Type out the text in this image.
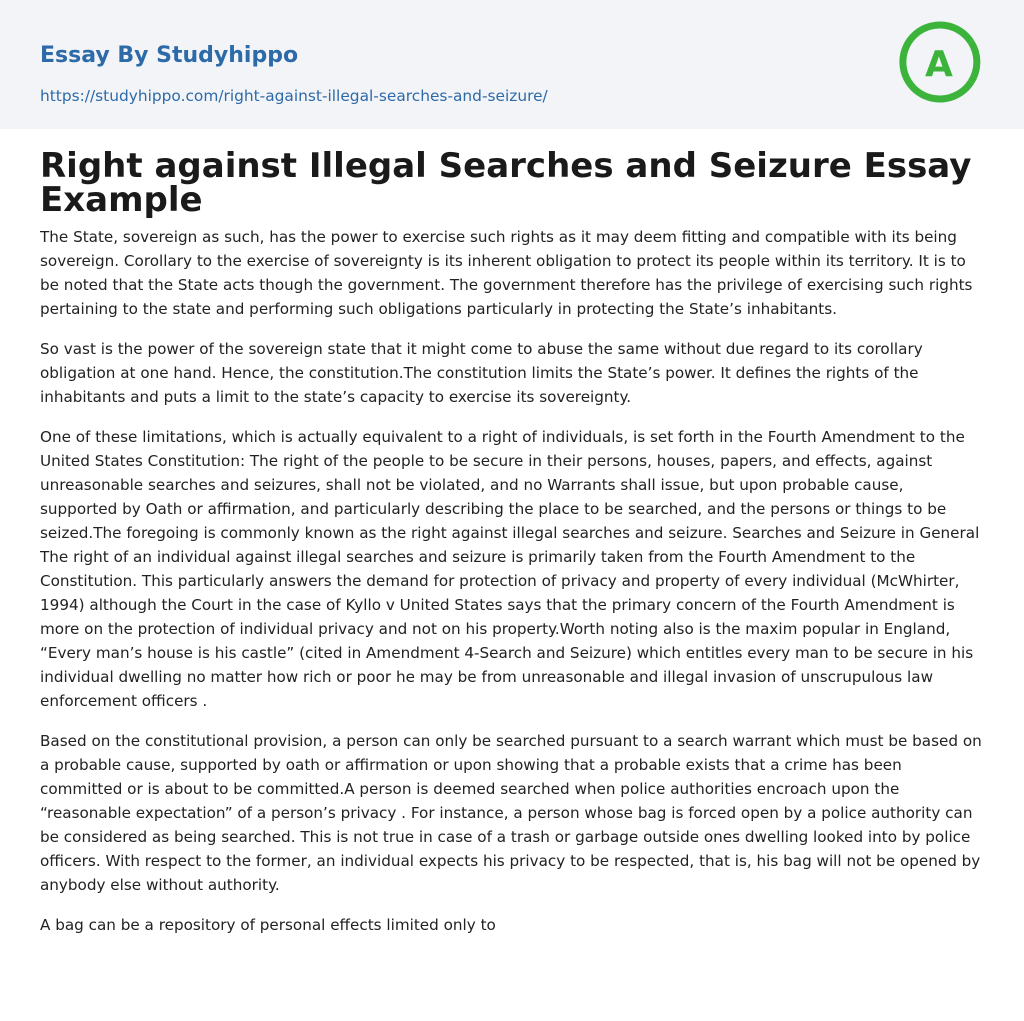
Essay By Studyhippo
https://studyhippo.com/right-against-illegal-searches-and-seizure/
A
Right against Illegal Searches and Seizure Essay Example

The State, sovereign as such, has the power to exercise such rights as it may deem fitting and compatible with its being sovereign. Corollary to the exercise of sovereignty is its inherent obligation to protect its people within its territory. It is to be noted that the State acts though the government. The government therefore has the privilege of exercising such rights pertaining to the state and performing such obligations particularly in protecting the State’s inhabitants.

So vast is the power of the sovereign state that it might come to abuse the same without due regard to its corollary obligation at one hand. Hence, the constitution.The constitution limits the State’s power. It defines the rights of the inhabitants and puts a limit to the state’s capacity to exercise its sovereignty.

One of these limitations, which is actually equivalent to a right of individuals, is set forth in the Fourth Amendment to the United States Constitution: The right of the people to be secure in their persons, houses, papers, and effects, against unreasonable searches and seizures, shall not be violated, and no Warrants shall issue, but upon probable cause, supported by Oath or affirmation, and particularly describing the place to be searched, and the persons or things to be seized.The foregoing is commonly known as the right against illegal searches and seizure. Searches and Seizure in General The right of an individual against illegal searches and seizure is primarily taken from the Fourth Amendment to the Constitution. This particularly answers the demand for protection of privacy and property of every individual (McWhirter, 1994) although the Court in the case of Kyllo v United States says that the primary concern of the Fourth Amendment is more on the protection of individual privacy and not on his property.Worth noting also is the maxim popular in England, “Every man’s house is his castle” (cited in Amendment 4-Search and Seizure) which entitles every man to be secure in his individual dwelling no matter how rich or poor he may be from unreasonable and illegal invasion of unscrupulous law enforcement officers .

Based on the constitutional provision, a person can only be searched pursuant to a search warrant which must be based on a probable cause, supported by oath or affirmation or upon showing that a probable exists that a crime has been committed or is about to be committed.A person is deemed searched when police authorities encroach upon the “reasonable expectation” of a person’s privacy . For instance, a person whose bag is forced open by a police authority can be considered as being searched. This is not true in case of a trash or garbage outside ones dwelling looked into by police officers. With respect to the former, an individual expects his privacy to be respected, that is, his bag will not be opened by anybody else without authority.

A bag can be a repository of personal effects limited only to
